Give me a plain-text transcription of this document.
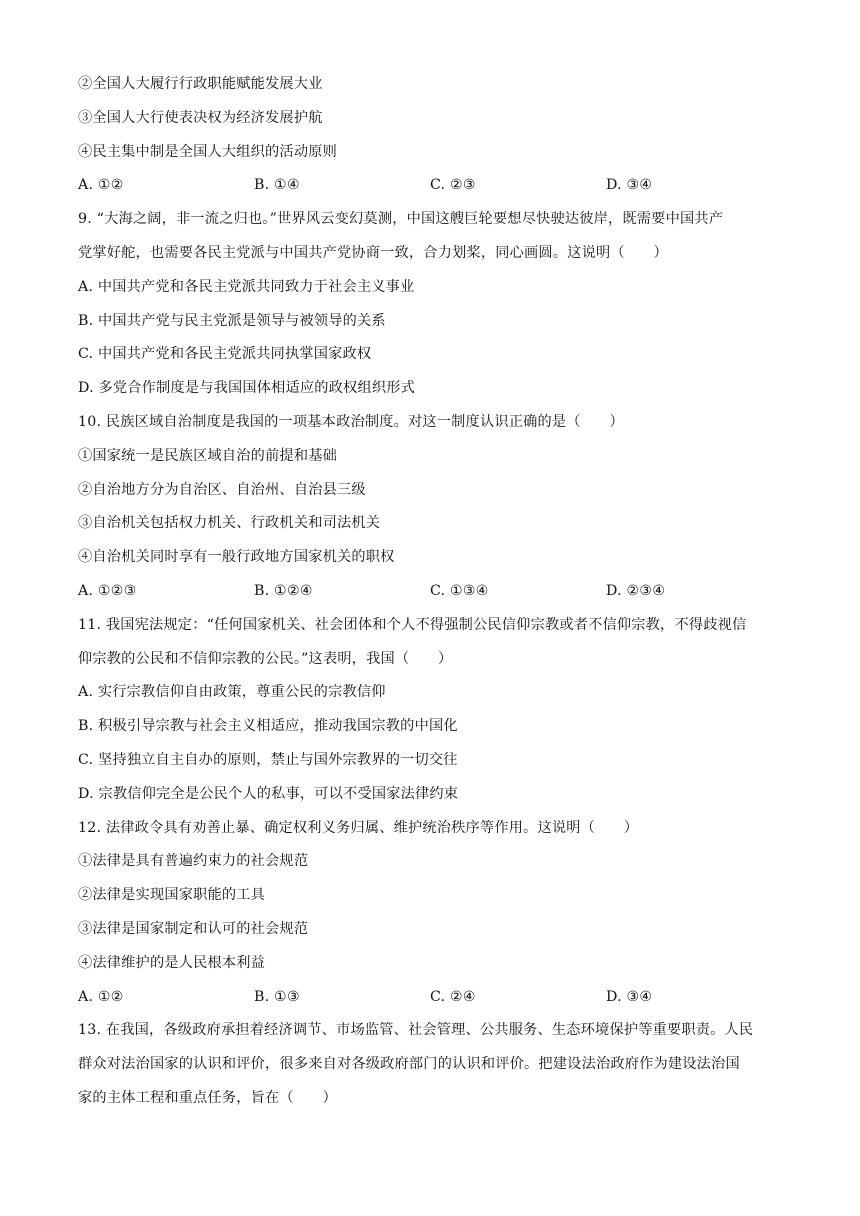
②全国人大履行行政职能赋能发展大业
③全国人大行使表决权为经济发展护航
④民主集中制是全国人大组织的活动原则
A. ①②	B. ①④	C. ②③	D. ③④
9. “大海之阔，非一流之归也。”世界风云变幻莫测，中国这艘巨轮要想尽快驶达彼岸，既需要中国共产
党掌好舵，也需要各民主党派与中国共产党协商一致，合力划桨，同心画圆。这说明（　　）
A. 中国共产党和各民主党派共同致力于社会主义事业
B. 中国共产党与民主党派是领导与被领导的关系
C. 中国共产党和各民主党派共同执掌国家政权
D. 多党合作制度是与我国国体相适应的政权组织形式
10. 民族区域自治制度是我国的一项基本政治制度。对这一制度认识正确的是（　　）
①国家统一是民族区域自治的前提和基础
②自治地方分为自治区、自治州、自治县三级
③自治机关包括权力机关、行政机关和司法机关
④自治机关同时享有一般行政地方国家机关的职权
A. ①②③	B. ①②④	C. ①③④	D. ②③④
11. 我国宪法规定：“任何国家机关、社会团体和个人不得强制公民信仰宗教或者不信仰宗教，不得歧视信
仰宗教的公民和不信仰宗教的公民。”这表明，我国（　　）
A. 实行宗教信仰自由政策，尊重公民的宗教信仰
B. 积极引导宗教与社会主义相适应，推动我国宗教的中国化
C. 坚持独立自主自办的原则，禁止与国外宗教界的一切交往
D. 宗教信仰完全是公民个人的私事，可以不受国家法律约束
12. 法律政令具有劝善止暴、确定权利义务归属、维护统治秩序等作用。这说明（　　）
①法律是具有普遍约束力的社会规范
②法律是实现国家职能的工具
③法律是国家制定和认可的社会规范
④法律维护的是人民根本利益
A. ①②	B. ①③	C. ②④	D. ③④
13. 在我国，各级政府承担着经济调节、市场监管、社会管理、公共服务、生态环境保护等重要职责。人民
群众对法治国家的认识和评价，很多来自对各级政府部门的认识和评价。把建设法治政府作为建设法治国
家的主体工程和重点任务，旨在（　　）
